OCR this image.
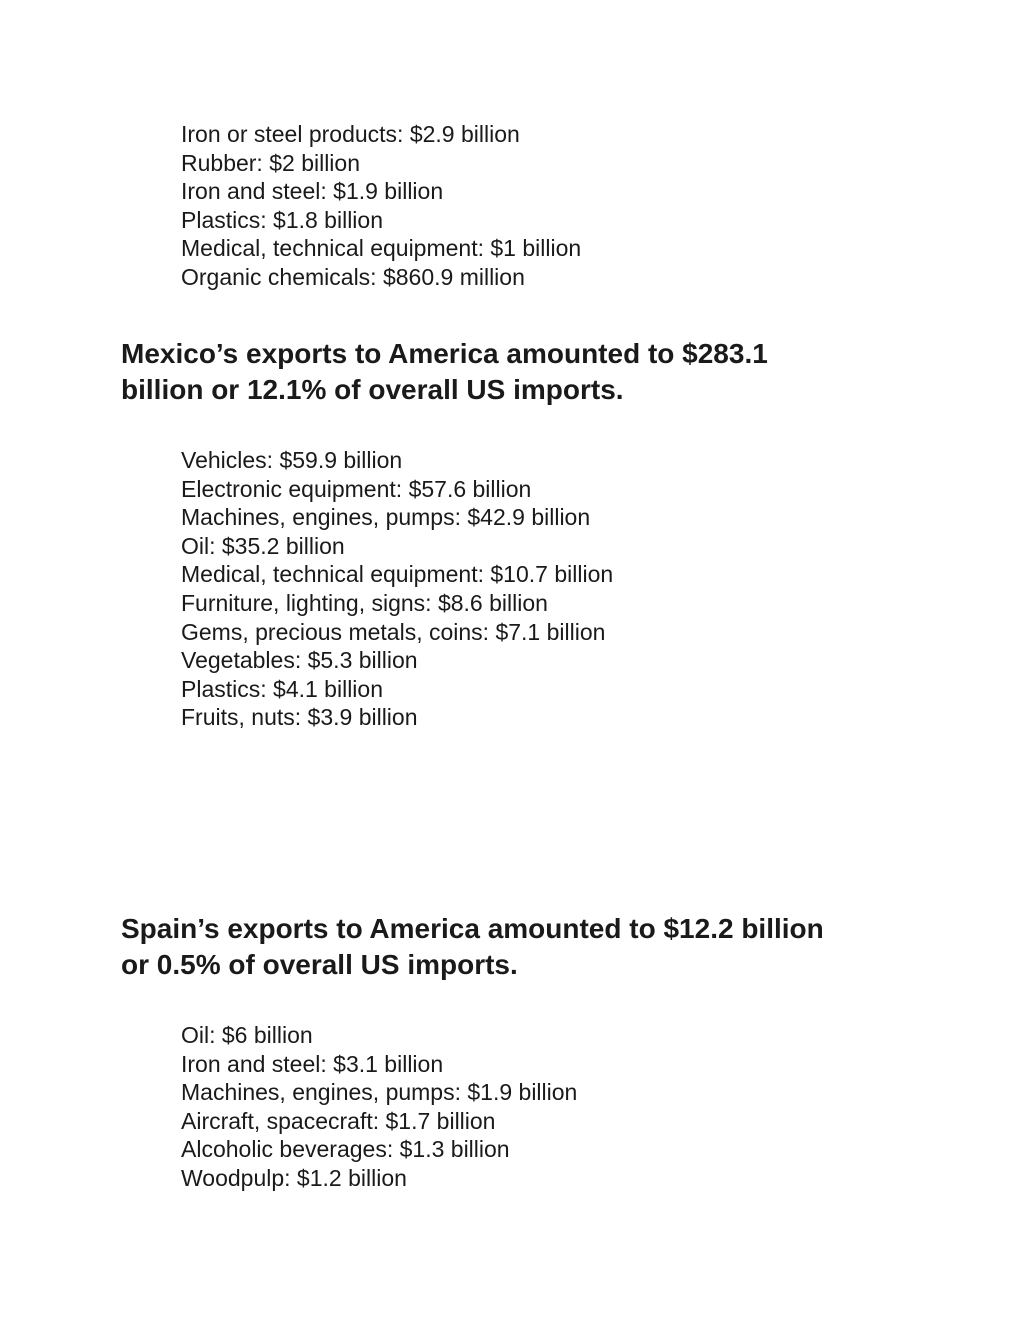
Iron or steel products: $2.9 billion
Rubber: $2 billion
Iron and steel: $1.9 billion
Plastics: $1.8 billion
Medical, technical equipment: $1 billion
Organic chemicals: $860.9 million
Mexico’s exports to America amounted to $283.1
billion or 12.1% of overall US imports.
Vehicles: $59.9 billion
Electronic equipment: $57.6 billion
Machines, engines, pumps: $42.9 billion
Oil: $35.2 billion
Medical, technical equipment: $10.7 billion
Furniture, lighting, signs: $8.6 billion
Gems, precious metals, coins: $7.1 billion
Vegetables: $5.3 billion
Plastics: $4.1 billion
Fruits, nuts: $3.9 billion
Spain’s exports to America amounted to $12.2 billion
or 0.5% of overall US imports.
Oil: $6 billion
Iron and steel: $3.1 billion
Machines, engines, pumps: $1.9 billion
Aircraft, spacecraft: $1.7 billion
Alcoholic beverages: $1.3 billion
Woodpulp: $1.2 billion
